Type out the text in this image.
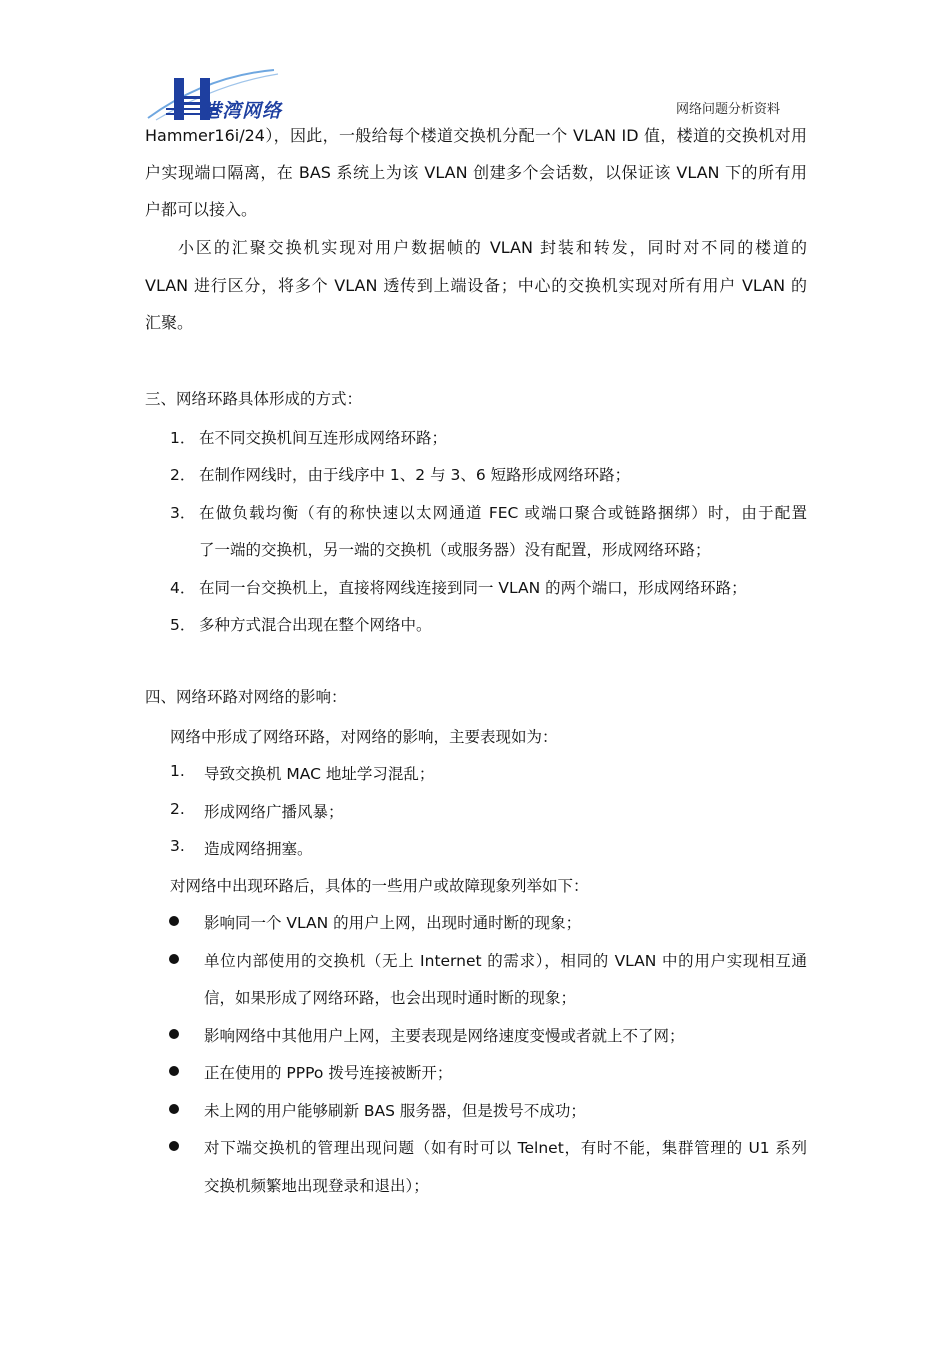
港湾网络	网络问题分析资料
Hammer16i/24），因此，一般给每个楼道交换机分配一个 VLAN ID 值，楼道的交换机对用
户实现端口隔离，在 BAS 系统上为该 VLAN 创建多个会话数，以保证该 VLAN 下的所有用
户都可以接入。
小区的汇聚交换机实现对用户数据帧的 VLAN 封装和转发，同时对不同的楼道的
VLAN 进行区分，将多个 VLAN 透传到上端设备；中心的交换机实现对所有用户 VLAN 的
汇聚。
三、网络环路具体形成的方式：
1． 在不同交换机间互连形成网络环路；
2． 在制作网线时，由于线序中 1、2 与 3、6 短路形成网络环路；
3． 在做负载均衡（有的称快速以太网通道 FEC 或端口聚合或链路捆绑）时，由于配置
了一端的交换机，另一端的交换机（或服务器）没有配置，形成网络环路；
4． 在同一台交换机上，直接将网线连接到同一 VLAN 的两个端口，形成网络环路；
5． 多种方式混合出现在整个网络中。
四、网络环路对网络的影响：
网络中形成了网络环路，对网络的影响，主要表现如为：
1. 导致交换机 MAC 地址学习混乱；
2. 形成网络广播风暴；
3. 造成网络拥塞。
对网络中出现环路后，具体的一些用户或故障现象列举如下：
影响同一个 VLAN 的用户上网，出现时通时断的现象；
单位内部使用的交换机（无上 Internet 的需求），相同的 VLAN 中的用户实现相互通
信，如果形成了网络环路，也会出现时通时断的现象；
影响网络中其他用户上网，主要表现是网络速度变慢或者就上不了网；
正在使用的 PPPo 拨号连接被断开；
未上网的用户能够刷新 BAS 服务器，但是拨号不成功；
对下端交换机的管理出现问题（如有时可以 Telnet，有时不能，集群管理的 U1 系列
交换机频繁地出现登录和退出）；
